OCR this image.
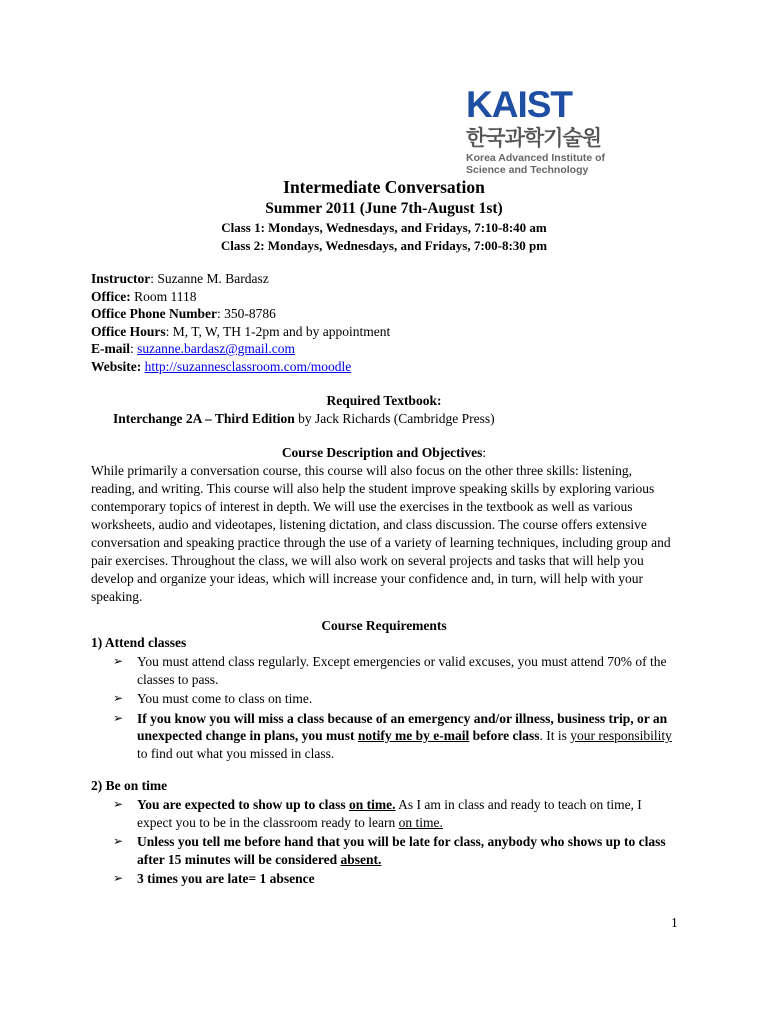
KAIST
한국과학기술원
Korea Advanced Institute of
Science and Technology
Intermediate Conversation
Summer 2011 (June 7th-August 1st)
Class 1: Mondays, Wednesdays, and Fridays, 7:10-8:40 am
Class 2: Mondays, Wednesdays, and Fridays, 7:00-8:30 pm
Instructor: Suzanne M. Bardasz
Office: Room 1118
Office Phone Number: 350-8786
Office Hours: M, T, W, TH 1-2pm and by appointment
E-mail: suzanne.bardasz@gmail.com
Website: http://suzannesclassroom.com/moodle
Required Textbook:
Interchange 2A – Third Edition by Jack Richards (Cambridge Press)
Course Description and Objectives:
While primarily a conversation course, this course will also focus on the other three skills: listening, reading, and writing. This course will also help the student improve speaking skills by exploring various contemporary topics of interest in depth. We will use the exercises in the textbook as well as various worksheets, audio and videotapes, listening dictation, and class discussion. The course offers extensive conversation and speaking practice through the use of a variety of learning techniques, including group and pair exercises. Throughout the class, we will also work on several projects and tasks that will help you develop and organize your ideas, which will increase your confidence and, in turn, will help with your speaking.
Course Requirements
1) Attend classes
➢ You must attend class regularly. Except emergencies or valid excuses, you must attend 70% of the classes to pass.
➢ You must come to class on time.
➢ If you know you will miss a class because of an emergency and/or illness, business trip, or an unexpected change in plans, you must notify me by e-mail before class. It is your responsibility to find out what you missed in class.
2) Be on time
➢ You are expected to show up to class on time. As I am in class and ready to teach on time, I expect you to be in the classroom ready to learn on time.
➢ Unless you tell me before hand that you will be late for class, anybody who shows up to class after 15 minutes will be considered absent.
➢ 3 times you are late= 1 absence
1
